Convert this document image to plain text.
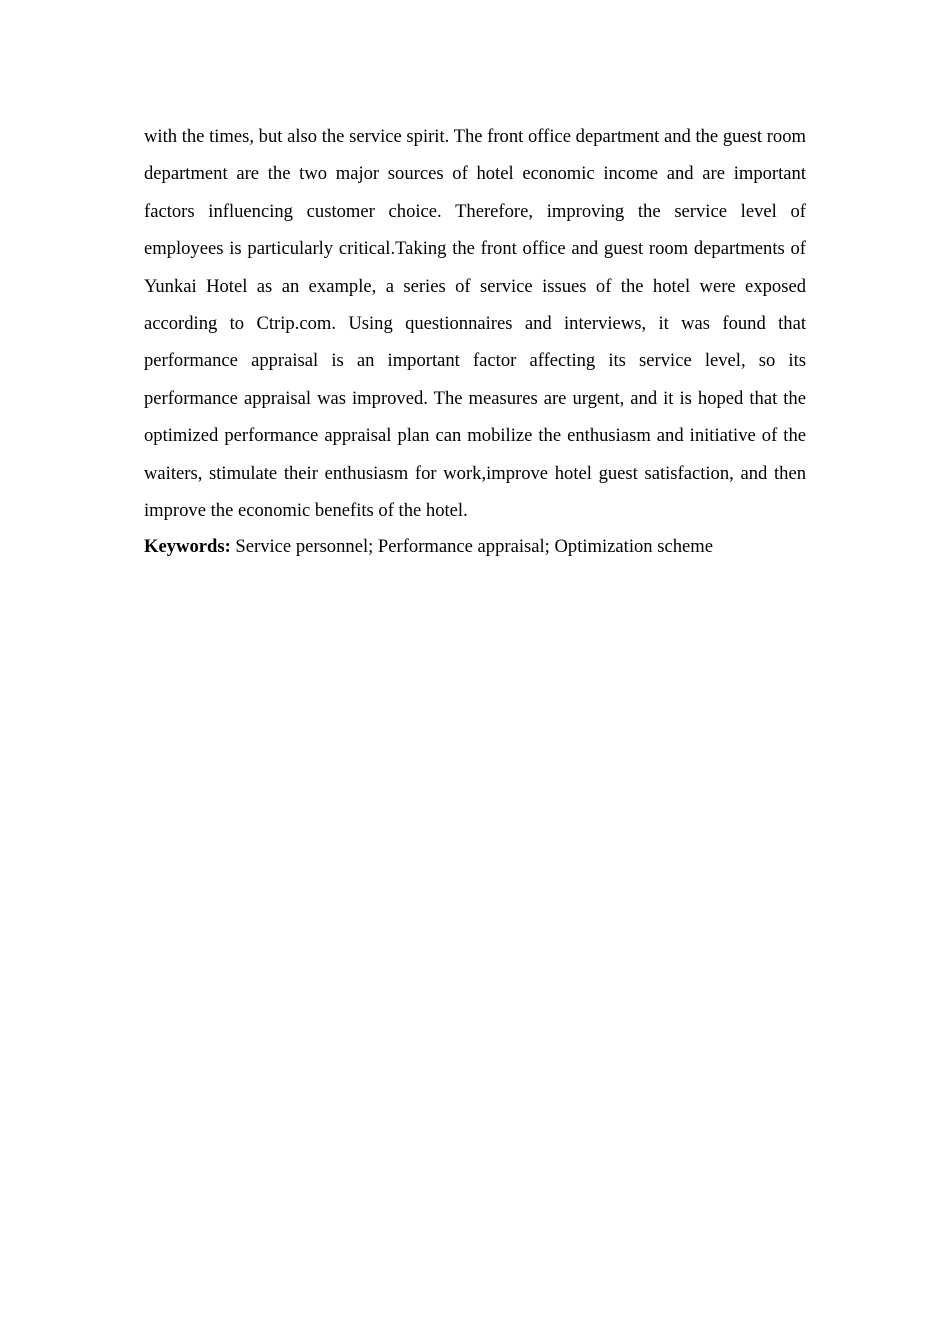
with the times, but also the service spirit. The front office department and the guest room department are the two major sources of hotel economic income and are important factors influencing customer choice. Therefore, improving the service level of employees is particularly critical.Taking the front office and guest room departments of Yunkai Hotel as an example, a series of service issues of the hotel were exposed according to Ctrip.com. Using questionnaires and interviews, it was found that performance appraisal is an important factor affecting its service level, so its performance appraisal was improved. The measures are urgent, and it is hoped that the optimized performance appraisal plan can mobilize the enthusiasm and initiative of the waiters, stimulate their enthusiasm for work,improve hotel guest satisfaction, and then improve the economic benefits of the hotel.

Keywords: Service personnel; Performance appraisal; Optimization scheme
